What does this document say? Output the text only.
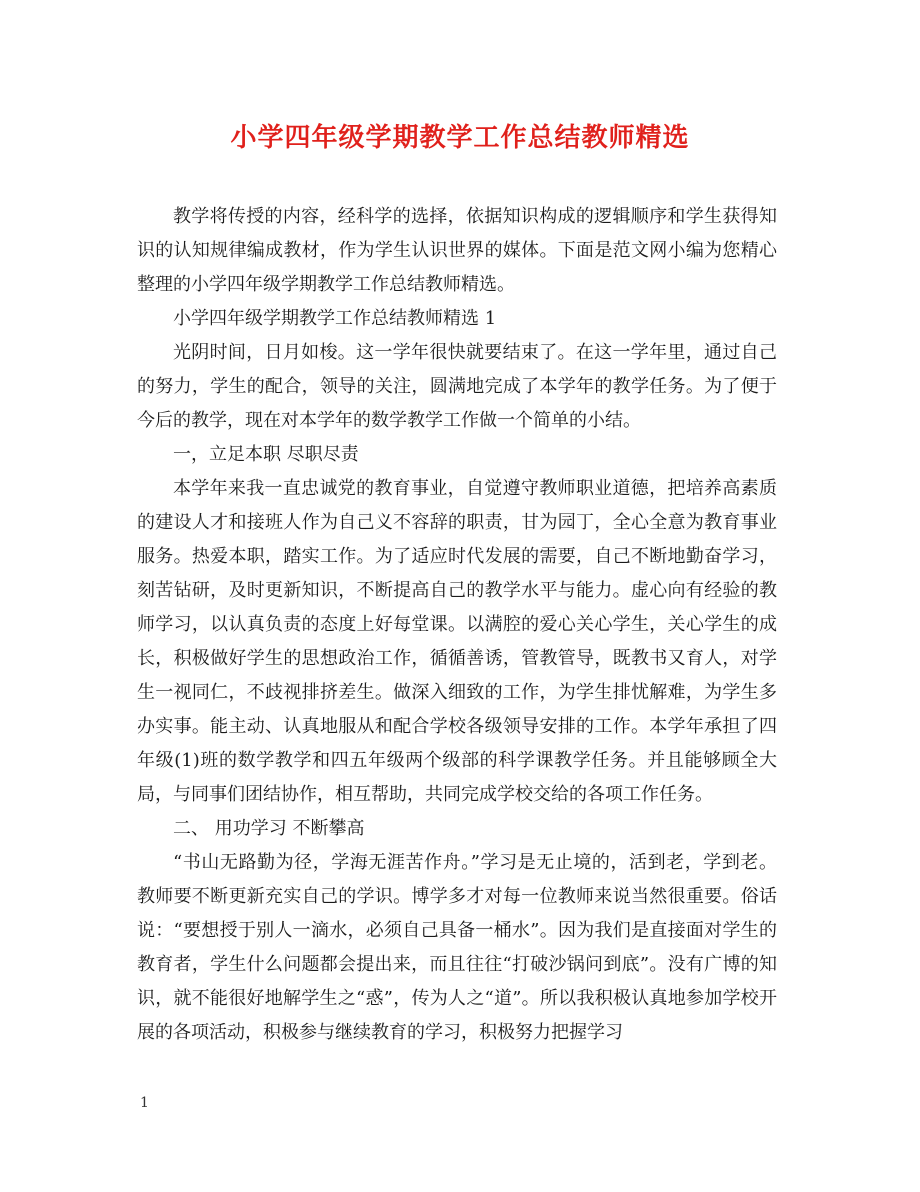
小学四年级学期教学工作总结教师精选

教学将传授的内容，经科学的选择，依据知识构成的逻辑顺序和学生获得知识的认知规律编成教材，作为学生认识世界的媒体。下面是范文网小编为您精心整理的小学四年级学期教学工作总结教师精选。

小学四年级学期教学工作总结教师精选 1

光阴时间，日月如梭。这一学年很快就要结束了。在这一学年里，通过自己的努力，学生的配合，领导的关注，圆满地完成了本学年的教学任务。为了便于今后的教学，现在对本学年的数学教学工作做一个简单的小结。

一，立足本职 尽职尽责

本学年来我一直忠诚党的教育事业，自觉遵守教师职业道德，把培养高素质的建设人才和接班人作为自己义不容辞的职责，甘为园丁，全心全意为教育事业服务。热爱本职，踏实工作。为了适应时代发展的需要，自己不断地勤奋学习，刻苦钻研，及时更新知识，不断提高自己的教学水平与能力。虚心向有经验的教师学习，以认真负责的态度上好每堂课。以满腔的爱心关心学生，关心学生的成长，积极做好学生的思想政治工作，循循善诱，管教管导，既教书又育人，对学生一视同仁，不歧视排挤差生。做深入细致的工作，为学生排忧解难，为学生多办实事。能主动、认真地服从和配合学校各级领导安排的工作。本学年承担了四年级(1)班的数学教学和四五年级两个级部的科学课教学任务。并且能够顾全大局，与同事们团结协作，相互帮助，共同完成学校交给的各项工作任务。

二、 用功学习 不断攀高

“书山无路勤为径，学海无涯苦作舟。”学习是无止境的，活到老，学到老。 教师要不断更新充实自己的学识。博学多才对每一位教师来说当然很重要。俗话说：“要想授于别人一滴水，必须自己具备一桶水”。因为我们是直接面对学生的教育者，学生什么问题都会提出来，而且往往“打破沙锅问到底”。没有广博的知识，就不能很好地解学生之“惑”，传为人之“道”。所以我积极认真地参加学校开展的各项活动，积极参与继续教育的学习，积极努力把握学习

1
